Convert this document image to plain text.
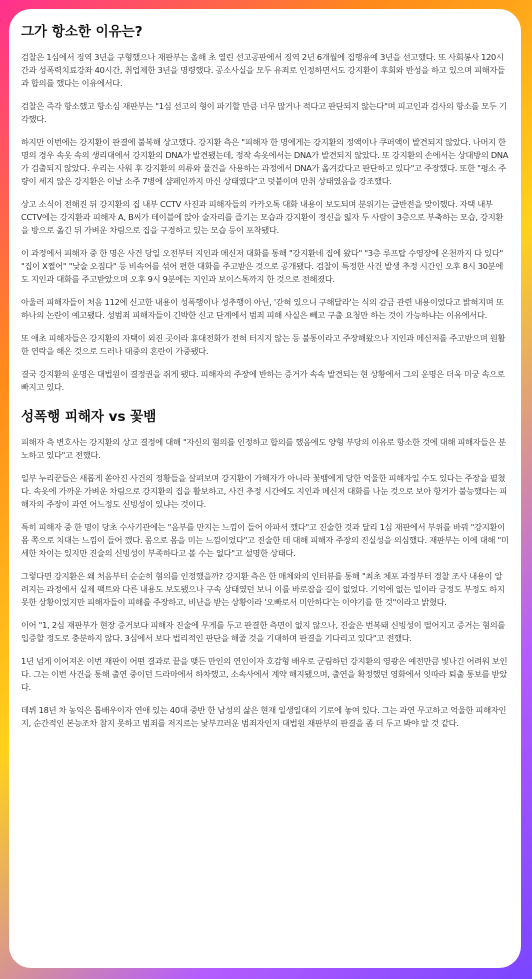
그가 항소한 이유는?

검찰은 1심에서 징역 3년을 구형했으나 재판부는 올해 초 열린 선고공판에서 징역 2년 6개월에 집행유예 3년을 선고했다. 또 사회봉사 120시간과 성폭력치료강좌 40시간, 취업제한 3년을 명령했다. 공소사실을 모두 유죄로 인정하면서도 강지환이 후회와 반성을 하고 있으며 피해자들과 합의를 했다는 이유에서다.

검찰은 즉각 항소했고 항소심 재판부는 "1심 선고의 형이 파기할 만큼 너무 많거나 적다고 판단되지 않는다"며 피고인과 검사의 항소를 모두 기각했다.

하지만 이번에는 강지환이 판결에 불복해 상고했다. 강지환 측은 "피해자 한 명에게는 강지환의 정액이나 쿠퍼액이 발견되지 않았다. 나머지 한 명의 경우 속옷 속의 생리대에서 강지환의 DNA가 발견됐는데, 정작 속옷에서는 DNA가 발견되지 않았다. 또 강지환의 손에서는 상대방의 DNA가 검출되지 않았다. 우리는 사워 후 강지환의 의류와 물건을 사용하는 과정에서 DNA가 옮겨갔다고 판단하고 있다"고 주장했다. 또한 "평소 주량이 세지 않은 강지환은 이날 소주 7병에 샴페인까지 마신 상태였다"고 덧붙이며 만취 상태였음을 강조했다.

상고 소식이 전해진 뒤 강지환의 집 내부 CCTV 사진과 피해자들의 카카오톡 대화 내용이 보도되며 분위기는 급반전을 맞이했다. 자택 내부 CCTV에는 강지환과 피해자 A, B씨가 테이블에 앉아 술자리를 즐기는 모습과 강지환이 정신을 잃자 두 사람이 3층으로 부축하는 모습, 강지환을 방으로 옮긴 뒤 가벼운 차림으로 집을 구경하고 있는 모습 등이 포착됐다.

이 과정에서 피해자 중 한 명은 사건 당일 오전부터 지인과 메신저 대화를 통해 "강지환네 집에 왔다" "3층 루프탑 수영장에 온천까지 다 있다" "집이 X쩔어" "낮술 오짐다" 등 비속어를 섞어 편한 대화를 주고받은 것으로 공개됐다. 검찰이 특정한 사건 발생 추정 시간인 오후 8시 30분에도 지인과 대화를 주고받았으며 오후 9시 9분에는 지인과 보이스톡까지 한 것으로 전해졌다.

아울러 피해자들이 처음 112에 신고한 내용이 성폭행이나 성추행이 아닌, '갇혀 있으니 구해달라'는 식의 감금 관련 내용이었다고 밝혀지며 또 하나의 논란이 예고됐다. 성범죄 피해자들이 긴박한 신고 단계에서 범죄 피해 사실은 빼고 구출 요청만 하는 것이 가능하냐는 이유에서다.

또 애초 피해자들은 강지환의 자택이 외진 곳이라 휴대전화가 전혀 터지지 않는 등 불통이라고 주장해왔으나 지인과 메신저를 주고받으며 원활한 연락을 해온 것으로 드러나 대중의 혼란이 가중됐다.

결국 강지환의 운명은 대법원이 결정권을 쥐게 됐다. 피해자의 주장에 반하는 증거가 속속 발견되는 현 상황에서 그의 운명은 더욱 미궁 속으로 빠지고 있다.

성폭행 피해자 vs 꽃뱀

피해자 측 변호사는 강지환의 상고 결정에 대해 "자신의 혐의를 인정하고 합의를 했음에도 양형 부당의 이유로 항소한 것에 대해 피해자들은 분노하고 있다"고 전했다.

일부 누리꾼들은 새롭게 쏟아진 사건의 정황들을 살펴보며 강지환이 가해자가 아니라 꽃뱀에게 당한 억울한 피해자일 수도 있다는 주장을 펼쳤다. 속옷에 가까운 가벼운 차림으로 강지환의 집을 활보하고, 사건 추정 시간에도 지인과 메신저 대화를 나눈 것으로 보아 항거가 불능했다는 피해자의 주장이 과연 어느정도 신빙성이 있냐는 것이다.

특히 피해자 중 한 명이 당초 수사기관에는 "음부를 만지는 느낌이 들어 아파서 깼다"고 진술한 것과 달리 1심 재판에서 부위를 바꿔 "강지환이 몸 쪽으로 치대는 느낌이 들어 깼다. 몸으로 몸을 미는 느낌이었다"고 진술한 데 대해 피해자 주장의 진실성을 의심했다. 재판부는 이에 대해 "미세한 차이는 있지만 진술의 신빙성이 부족하다고 볼 수는 없다"고 설명한 상태다.

그렇다면 강지환은 왜 처음부터 순순히 혐의를 인정했을까? 강지환 측은 한 매체와의 인터뷰를 통해 "최초 체포 과정부터 경찰 조사 내용이 알려지는 과정에서 실제 팩트와 다른 내용도 보도됐으나 구속 상태였던 보니 이를 바로잡을 길이 없었다. 기억에 없는 일이라 긍정도 부정도 하지 못한 상황이었지만 피해자들이 피해를 주장하고, 비난을 받는 상황이라 '오빠로서 미안하다'는 이야기를 한 것"이라고 밝혔다.

이어 "1, 2심 재판부가 현장 증거보다 피해자 진술에 무게를 두고 판결한 측면이 없지 않으나, 진술은 번복돼 신빙성이 떨어지고 증거는 혐의를 입증할 정도로 충분하지 않다. 3심에서 보다 법리적인 판단을 해줄 것을 기대하며 판결을 기다리고 있다"고 전했다.

1년 넘게 이어져온 이번 재판이 어떤 결과로 끝을 맺든 만인의 연인이자 호감형 배우로 군림하던 강지환의 영광은 예전만큼 빛나긴 어려워 보인다. 그는 이번 사건을 통해 출연 중이던 드라마에서 하차했고, 소속사에서 계약 해지됐으며, 출연을 확정했던 영화에서 잇따라 퇴출 통보를 받았다.

데뷔 18년 차 농익은 톱배우이자 연애 있는 40대 중반 한 남성의 삶은 현재 일생일대의 기로에 놓여 있다. 그는 과연 무고하고 억울한 피해자인지, 순간적인 본능조차 참지 못하고 범죄를 저지르는 낯부끄러운 범죄자인지 대법원 재판부의 판결을 좀 더 두고 봐야 알 것 같다.
